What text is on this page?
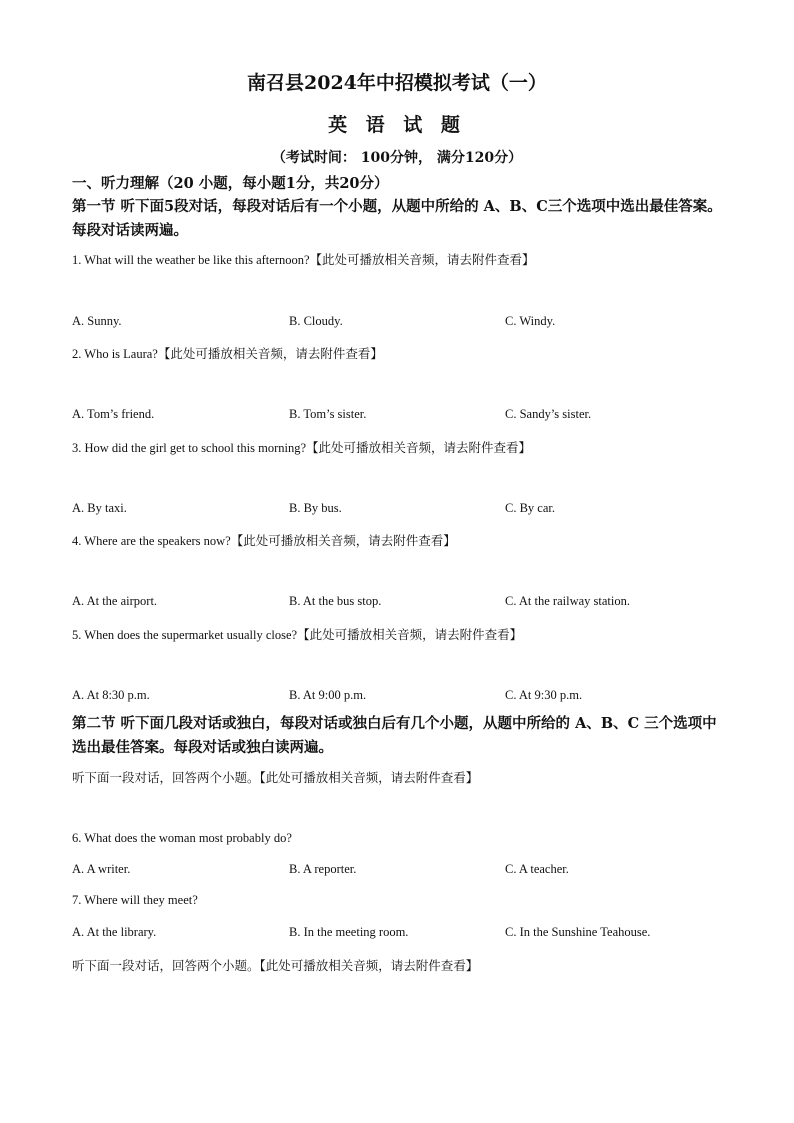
南召县2024年中招模拟考试（一）
英 语 试 题
（考试时间： 100分钟， 满分120分）
一、听力理解（20 小题，每小题1分，共20分）
第一节 听下面5段对话，每段对话后有一个小题，从题中所给的 A、B、C三个选项中选出最佳答案。每段对话读两遍。
1. What will the weather be like this afternoon?【此处可播放相关音频，请去附件查看】
A. Sunny.	B. Cloudy.	C. Windy.
2. Who is Laura?【此处可播放相关音频，请去附件查看】
A. Tom’s friend.	B. Tom’s sister.	C. Sandy’s sister.
3. How did the girl get to school this morning?【此处可播放相关音频，请去附件查看】
A. By taxi.	B. By bus.	C. By car.
4. Where are the speakers now?【此处可播放相关音频，请去附件查看】
A. At the airport.	B. At the bus stop.	C. At the railway station.
5. When does the supermarket usually close?【此处可播放相关音频，请去附件查看】
A. At 8:30 p.m.	B. At 9:00 p.m.	C. At 9:30 p.m.
第二节 听下面几段对话或独白，每段对话或独白后有几个小题，从题中所给的 A、B、C 三个选项中选出最佳答案。每段对话或独白读两遍。
听下面一段对话，回答两个小题。【此处可播放相关音频，请去附件查看】
6. What does the woman most probably do?
A. A writer.	B. A reporter.	C. A teacher.
7. Where will they meet?
A. At the library.	B. In the meeting room.	C. In the Sunshine Teahouse.
听下面一段对话，回答两个小题。【此处可播放相关音频，请去附件查看】
